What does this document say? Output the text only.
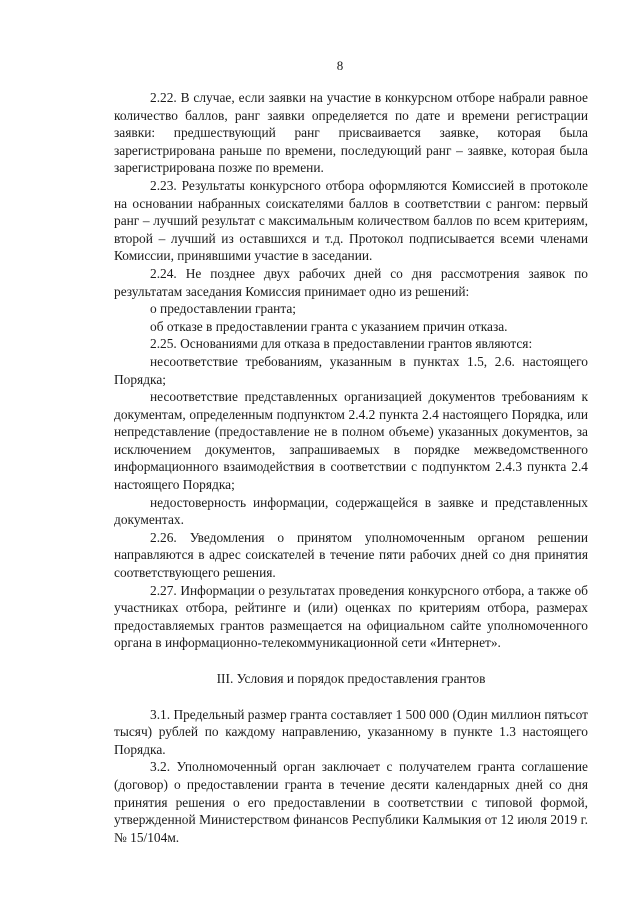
8

2.22. В случае, если заявки на участие в конкурсном отборе набрали равное количество баллов, ранг заявки определяется по дате и времени регистрации заявки: предшествующий ранг присваивается заявке, которая была зарегистрирована раньше по времени, последующий ранг – заявке, которая была зарегистрирована позже по времени.

2.23. Результаты конкурсного отбора оформляются Комиссией в протоколе на основании набранных соискателями баллов в соответствии с рангом: первый ранг – лучший результат с максимальным количеством баллов по всем критериям, второй – лучший из оставшихся и т.д. Протокол подписывается всеми членами Комиссии, принявшими участие в заседании.

2.24. Не позднее двух рабочих дней со дня рассмотрения заявок по результатам заседания Комиссия принимает одно из решений:

о предоставлении гранта;

об отказе в предоставлении гранта с указанием причин отказа.

2.25. Основаниями для отказа в предоставлении грантов являются:

несоответствие требованиям, указанным в пунктах 1.5, 2.6. настоящего Порядка;

несоответствие представленных организацией документов требованиям к документам, определенным подпунктом 2.4.2 пункта 2.4 настоящего Порядка, или непредставление (предоставление не в полном объеме) указанных документов, за исключением документов, запрашиваемых в порядке межведомственного информационного взаимодействия в соответствии с подпунктом 2.4.3 пункта 2.4 настоящего Порядка;

недостоверность информации, содержащейся в заявке и представленных документах.

2.26. Уведомления о принятом уполномоченным органом решении направляются в адрес соискателей в течение пяти рабочих дней со дня принятия соответствующего решения.

2.27. Информации о результатах проведения конкурсного отбора, а также об участниках отбора, рейтинге и (или) оценках по критериям отбора, размерах предоставляемых грантов размещается на официальном сайте уполномоченного органа в информационно-телекоммуникационной сети «Интернет».

III. Условия и порядок предоставления грантов

3.1. Предельный размер гранта составляет 1 500 000 (Один миллион пятьсот тысяч) рублей по каждому направлению, указанному в пункте 1.3 настоящего Порядка.

3.2. Уполномоченный орган заключает с получателем гранта соглашение (договор) о предоставлении гранта в течение десяти календарных дней со дня принятия решения о его предоставлении в соответствии с типовой формой, утвержденной Министерством финансов Республики Калмыкия от 12 июля 2019 г. № 15/104м.
